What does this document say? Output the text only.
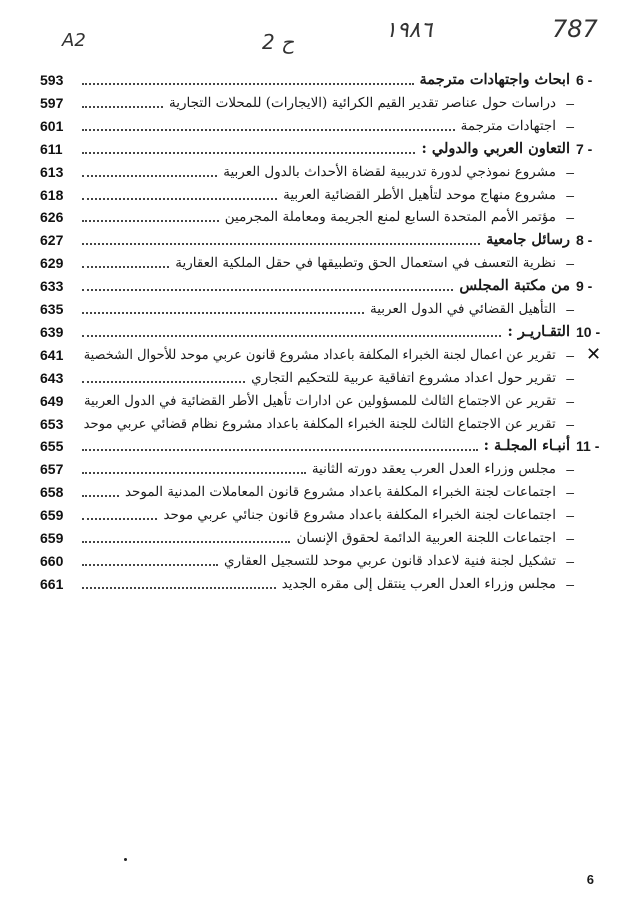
A2	2 ح	١٩٨٦	787
593	ابحاث واجتهادات مترجمة 6 -
597	دراسات حول عناصر تقدير القيم الكرائية (الايجارات) للمحلات التجارية –
601	اجتهادات مترجمة –
611	التعاون العربي والدولي : 7 -
613	مشروع نموذجي لدورة تدريبية لقضاة الأحداث بالدول العربية –
618	مشروع منهاج موحد لتأهيل الأطر القضائية العربية –
626	مؤتمر الأمم المتحدة السابع لمنع الجريمة ومعاملة المجرمين –
627	رسائل جامعية 8 -
629	نظرية التعسف في استعمال الحق وتطبيقها في حقل الملكية العقارية –
633	من مكتبة المجلس 9 -
635	التأهيل القضائي في الدول العربية –
639	التقـاريـر : 10 -
641	تقرير عن اعمال لجنة الخبراء المكلفة باعداد مشروع قانون عربي موحد للأحوال الشخصية – ✕
643	تقرير حول اعداد مشروع اتفاقية عربية للتحكيم التجاري –
649	تقرير عن الاجتماع الثالث للمسؤولين عن ادارات تأهيل الأطر القضائية في الدول العربية –
653	تقرير عن الاجتماع الثالث للجنة الخبراء المكلفة باعداد مشروع نظام قضائي عربي موحد –
655	أنبـاء المجلـة : 11 -
657	مجلس وزراء العدل العرب يعقد دورته الثانية –
658	اجتماعات لجنة الخبراء المكلفة باعداد مشروع قانون المعاملات المدنية الموحد –
659	اجتماعات لجنة الخبراء المكلفة باعداد مشروع قانون جنائي عربي موحد –
659	اجتماعات اللجنة العربية الدائمة لحقوق الإنسان –
660	تشكيل لجنة فنية لاعداد قانون عربي موحد للتسجيل العقاري –
661	مجلس وزراء العدل العرب ينتقل إلى مقره الجديد –
6
